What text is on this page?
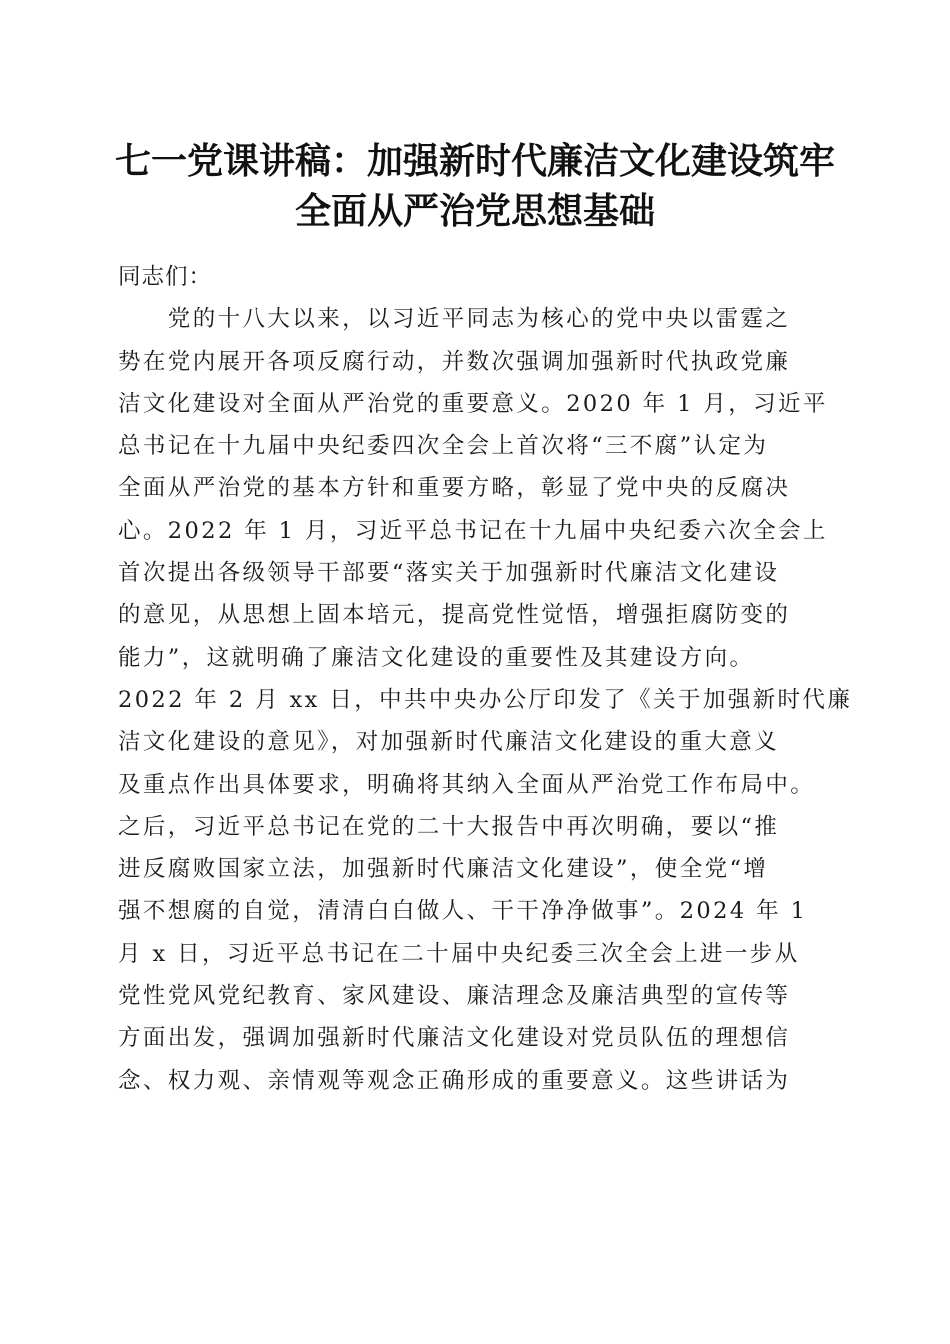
七一党课讲稿：加强新时代廉洁文化建设筑牢
全面从严治党思想基础
同志们：
　　党的十八大以来，以习近平同志为核心的党中央以雷霆之
势在党内展开各项反腐行动，并数次强调加强新时代执政党廉
洁文化建设对全面从严治党的重要意义。2020 年 1 月，习近平
总书记在十九届中央纪委四次全会上首次将“三不腐”认定为
全面从严治党的基本方针和重要方略，彰显了党中央的反腐决
心。2022 年 1 月，习近平总书记在十九届中央纪委六次全会上
首次提出各级领导干部要“落实关于加强新时代廉洁文化建设
的意见，从思想上固本培元，提高党性觉悟，增强拒腐防变的
能力”，这就明确了廉洁文化建设的重要性及其建设方向。
2022 年 2 月 xx 日，中共中央办公厅印发了《关于加强新时代廉
洁文化建设的意见》，对加强新时代廉洁文化建设的重大意义
及重点作出具体要求，明确将其纳入全面从严治党工作布局中。
之后，习近平总书记在党的二十大报告中再次明确，要以“推
进反腐败国家立法，加强新时代廉洁文化建设”，使全党“增
强不想腐的自觉，清清白白做人、干干净净做事”。2024 年 1
月 x 日，习近平总书记在二十届中央纪委三次全会上进一步从
党性党风党纪教育、家风建设、廉洁理念及廉洁典型的宣传等
方面出发，强调加强新时代廉洁文化建设对党员队伍的理想信
念、权力观、亲情观等观念正确形成的重要意义。这些讲话为
